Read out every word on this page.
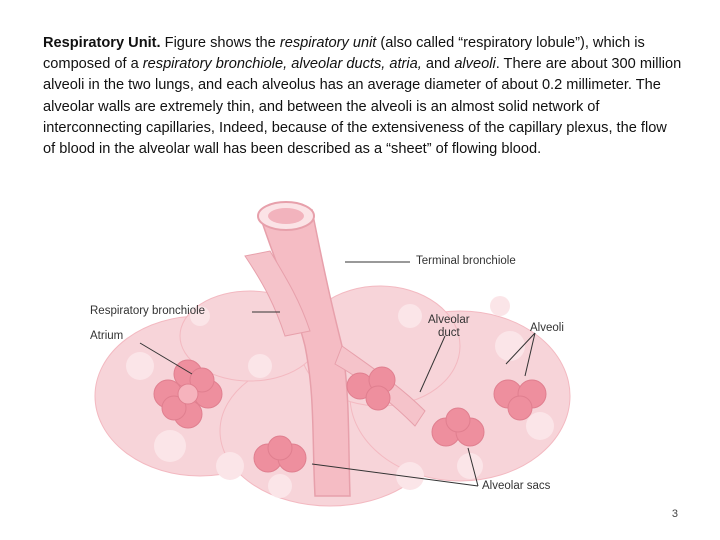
Respiratory Unit. Figure shows the respiratory unit (also called “respiratory lobule”), which is composed of a respiratory bronchiole, alveolar ducts, atria, and alveoli. There are about 300 million alveoli in the two lungs, and each alveolus has an average diameter of about 0.2 millimeter. The alveolar walls are extremely thin, and between the alveoli is an almost solid network of interconnecting capillaries, Indeed, because of the extensiveness of the capillary plexus, the flow of blood in the alveolar wall has been described as a “sheet” of flowing blood.
Terminal bronchiole
Respiratory bronchiole
Atrium
Alveolar
duct	Alveoli
Alveolar sacs
3
